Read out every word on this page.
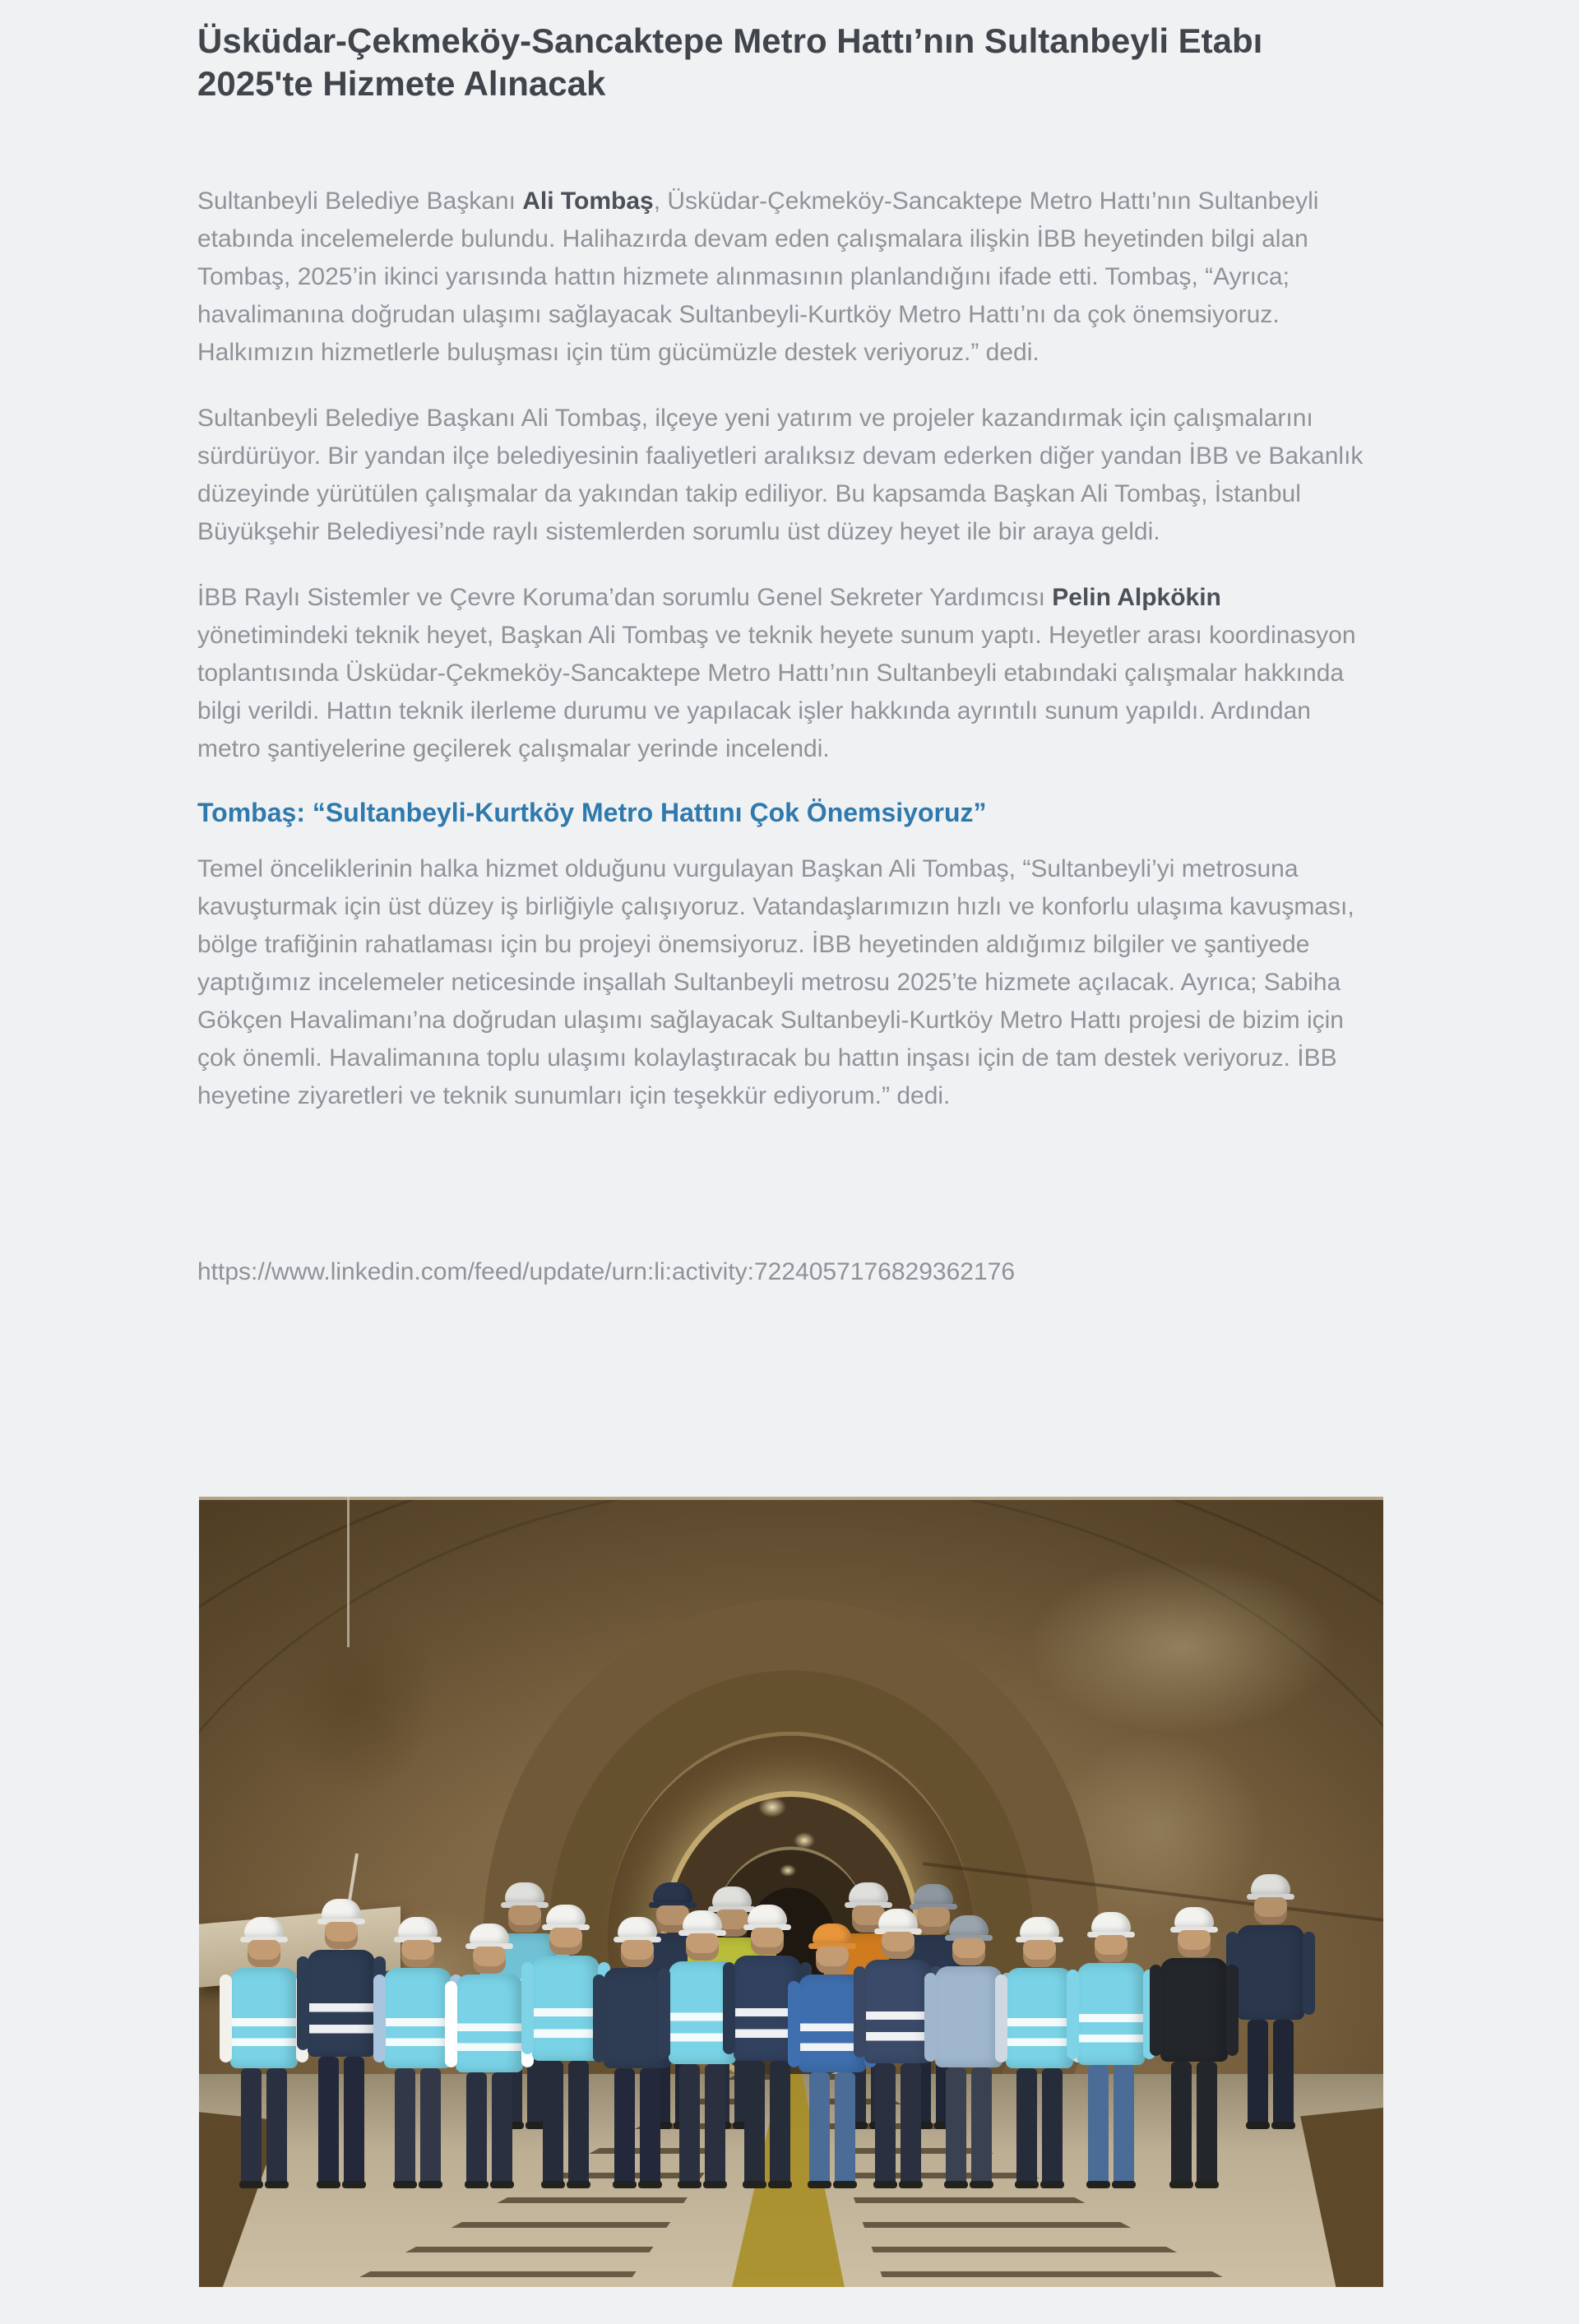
Üsküdar-Çekmeköy-Sancaktepe Metro Hattı’nın Sultanbeyli Etabı 2025'te Hizmete Alınacak

Sultanbeyli Belediye Başkanı Ali Tombaş, Üsküdar-Çekmeköy-Sancaktepe Metro Hattı’nın Sultanbeyli etabında incelemelerde bulundu. Halihazırda devam eden çalışmalara ilişkin İBB heyetinden bilgi alan Tombaş, 2025’in ikinci yarısında hattın hizmete alınmasının planlandığını ifade etti. Tombaş, “Ayrıca; havalimanına doğrudan ulaşımı sağlayacak Sultanbeyli-Kurtköy Metro Hattı’nı da çok önemsiyoruz. Halkımızın hizmetlerle buluşması için tüm gücümüzle destek veriyoruz.” dedi.

Sultanbeyli Belediye Başkanı Ali Tombaş, ilçeye yeni yatırım ve projeler kazandırmak için çalışmalarını sürdürüyor. Bir yandan ilçe belediyesinin faaliyetleri aralıksız devam ederken diğer yandan İBB ve Bakanlık düzeyinde yürütülen çalışmalar da yakından takip ediliyor. Bu kapsamda Başkan Ali Tombaş, İstanbul Büyükşehir Belediyesi’nde raylı sistemlerden sorumlu üst düzey heyet ile bir araya geldi.

İBB Raylı Sistemler ve Çevre Koruma’dan sorumlu Genel Sekreter Yardımcısı Pelin Alpkökin yönetimindeki teknik heyet, Başkan Ali Tombaş ve teknik heyete sunum yaptı. Heyetler arası koordinasyon toplantısında Üsküdar-Çekmeköy-Sancaktepe Metro Hattı’nın Sultanbeyli etabındaki çalışmalar hakkında bilgi verildi. Hattın teknik ilerleme durumu ve yapılacak işler hakkında ayrıntılı sunum yapıldı. Ardından metro şantiyelerine geçilerek çalışmalar yerinde incelendi.

Tombaş: “Sultanbeyli-Kurtköy Metro Hattını Çok Önemsiyoruz”

Temel önceliklerinin halka hizmet olduğunu vurgulayan Başkan Ali Tombaş, “Sultanbeyli’yi metrosuna kavuşturmak için üst düzey iş birliğiyle çalışıyoruz. Vatandaşlarımızın hızlı ve konforlu ulaşıma kavuşması, bölge trafiğinin rahatlaması için bu projeyi önemsiyoruz. İBB heyetinden aldığımız bilgiler ve şantiyede yaptığımız incelemeler neticesinde inşallah Sultanbeyli metrosu 2025’te hizmete açılacak. Ayrıca; Sabiha Gökçen Havalimanı’na doğrudan ulaşımı sağlayacak Sultanbeyli-Kurtköy Metro Hattı projesi de bizim için çok önemli. Havalimanına toplu ulaşımı kolaylaştıracak bu hattın inşası için de tam destek veriyoruz. İBB heyetine ziyaretleri ve teknik sunumları için teşekkür ediyorum.” dedi.

https://www.linkedin.com/feed/update/urn:li:activity:7224057176829362176
